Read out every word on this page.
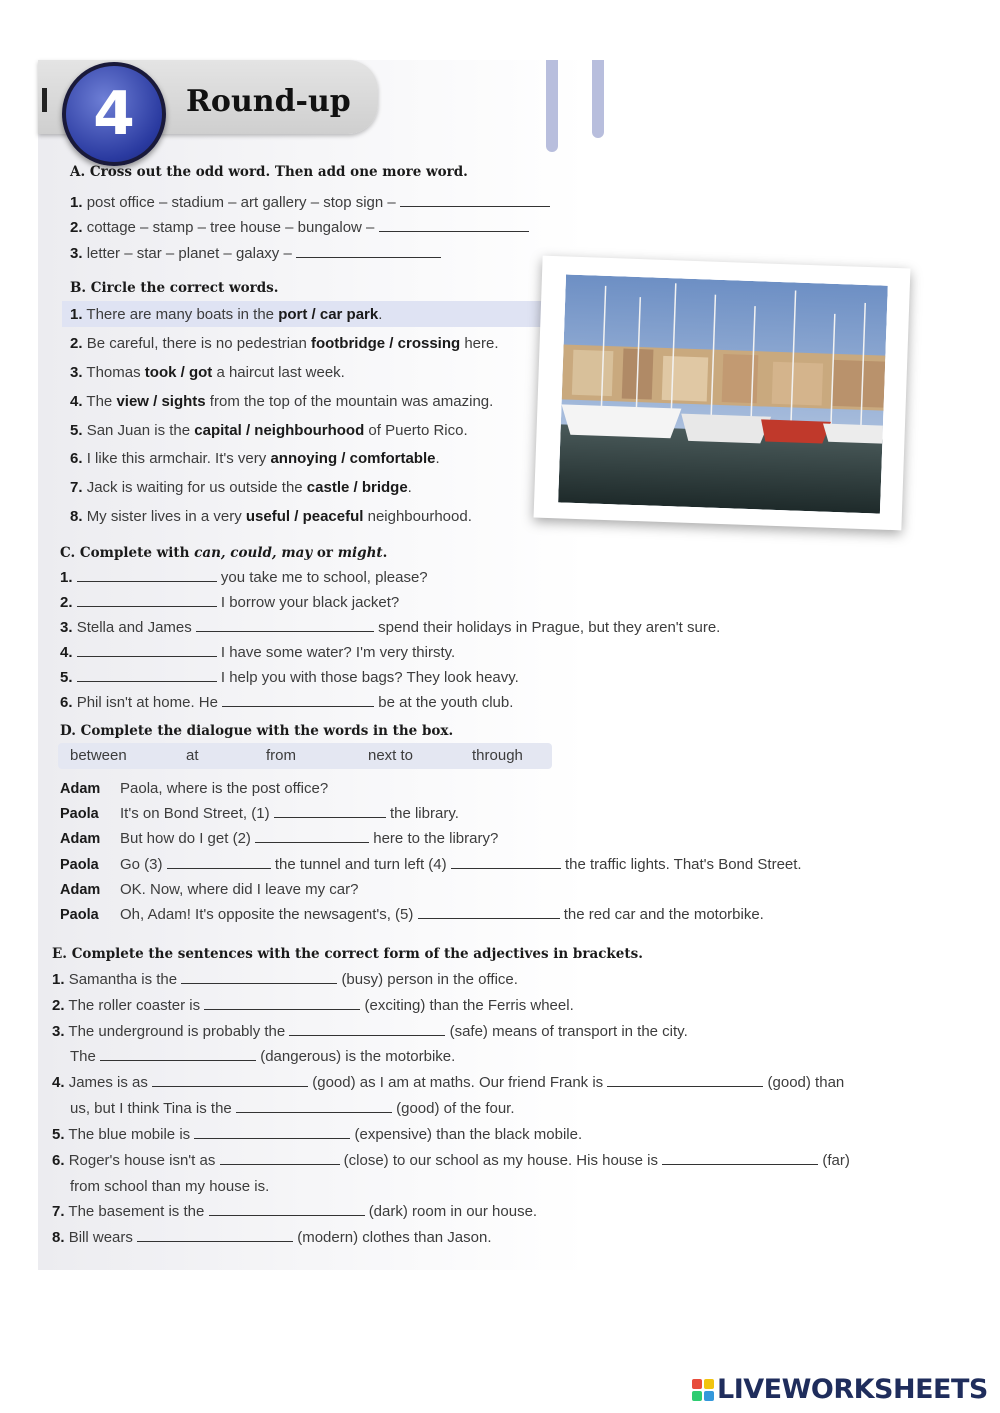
4	Round-up
A. Cross out the odd word. Then add one more word.
1. post office – stadium – art gallery – stop sign –
2. cottage – stamp – tree house – bungalow –
3. letter – star – planet – galaxy –
B. Circle the correct words.
1. There are many boats in the port / car park.
2. Be careful, there is no pedestrian footbridge / crossing here.
3. Thomas took / got a haircut last week.
4. The view / sights from the top of the mountain was amazing.
5. San Juan is the capital / neighbourhood of Puerto Rico.
6. I like this armchair. It's very annoying / comfortable.
7. Jack is waiting for us outside the castle / bridge.
8. My sister lives in a very useful / peaceful neighbourhood.
C. Complete with can, could, may or might.
1.	you take me to school, please?
2.	I borrow your black jacket?
3. Stella and James	spend their holidays in Prague, but they aren't sure.
4.	I have some water? I'm very thirsty.
5.	I help you with those bags? They look heavy.
6. Phil isn't at home. He	be at the youth club.
D. Complete the dialogue with the words in the box.
between	at	from	next to	through
Adam Paola, where is the post office?
Paola It's on Bond Street, (1)	the library.
Adam But how do I get (2)	here to the library?
Paola Go (3)	the tunnel and turn left (4)	the traffic lights. That's Bond Street.
Adam OK. Now, where did I leave my car?
Paola Oh, Adam! It's opposite the newsagent's, (5)	the red car and the motorbike.
E. Complete the sentences with the correct form of the adjectives in brackets.
1. Samantha is the	(busy) person in the office.
2. The roller coaster is	(exciting) than the Ferris wheel.
3. The underground is probably the	(safe) means of transport in the city.
The	(dangerous) is the motorbike.
4. James is as	(good) as I am at maths. Our friend Frank is	(good) than
us, but I think Tina is the	(good) of the four.
5. The blue mobile is	(expensive) than the black mobile.
6. Roger's house isn't as	(close) to our school as my house. His house is	(far)
from school than my house is.
7. The basement is the	(dark) room in our house.
8. Bill wears	(modern) clothes than Jason.
LIVEWORKSHEETS
